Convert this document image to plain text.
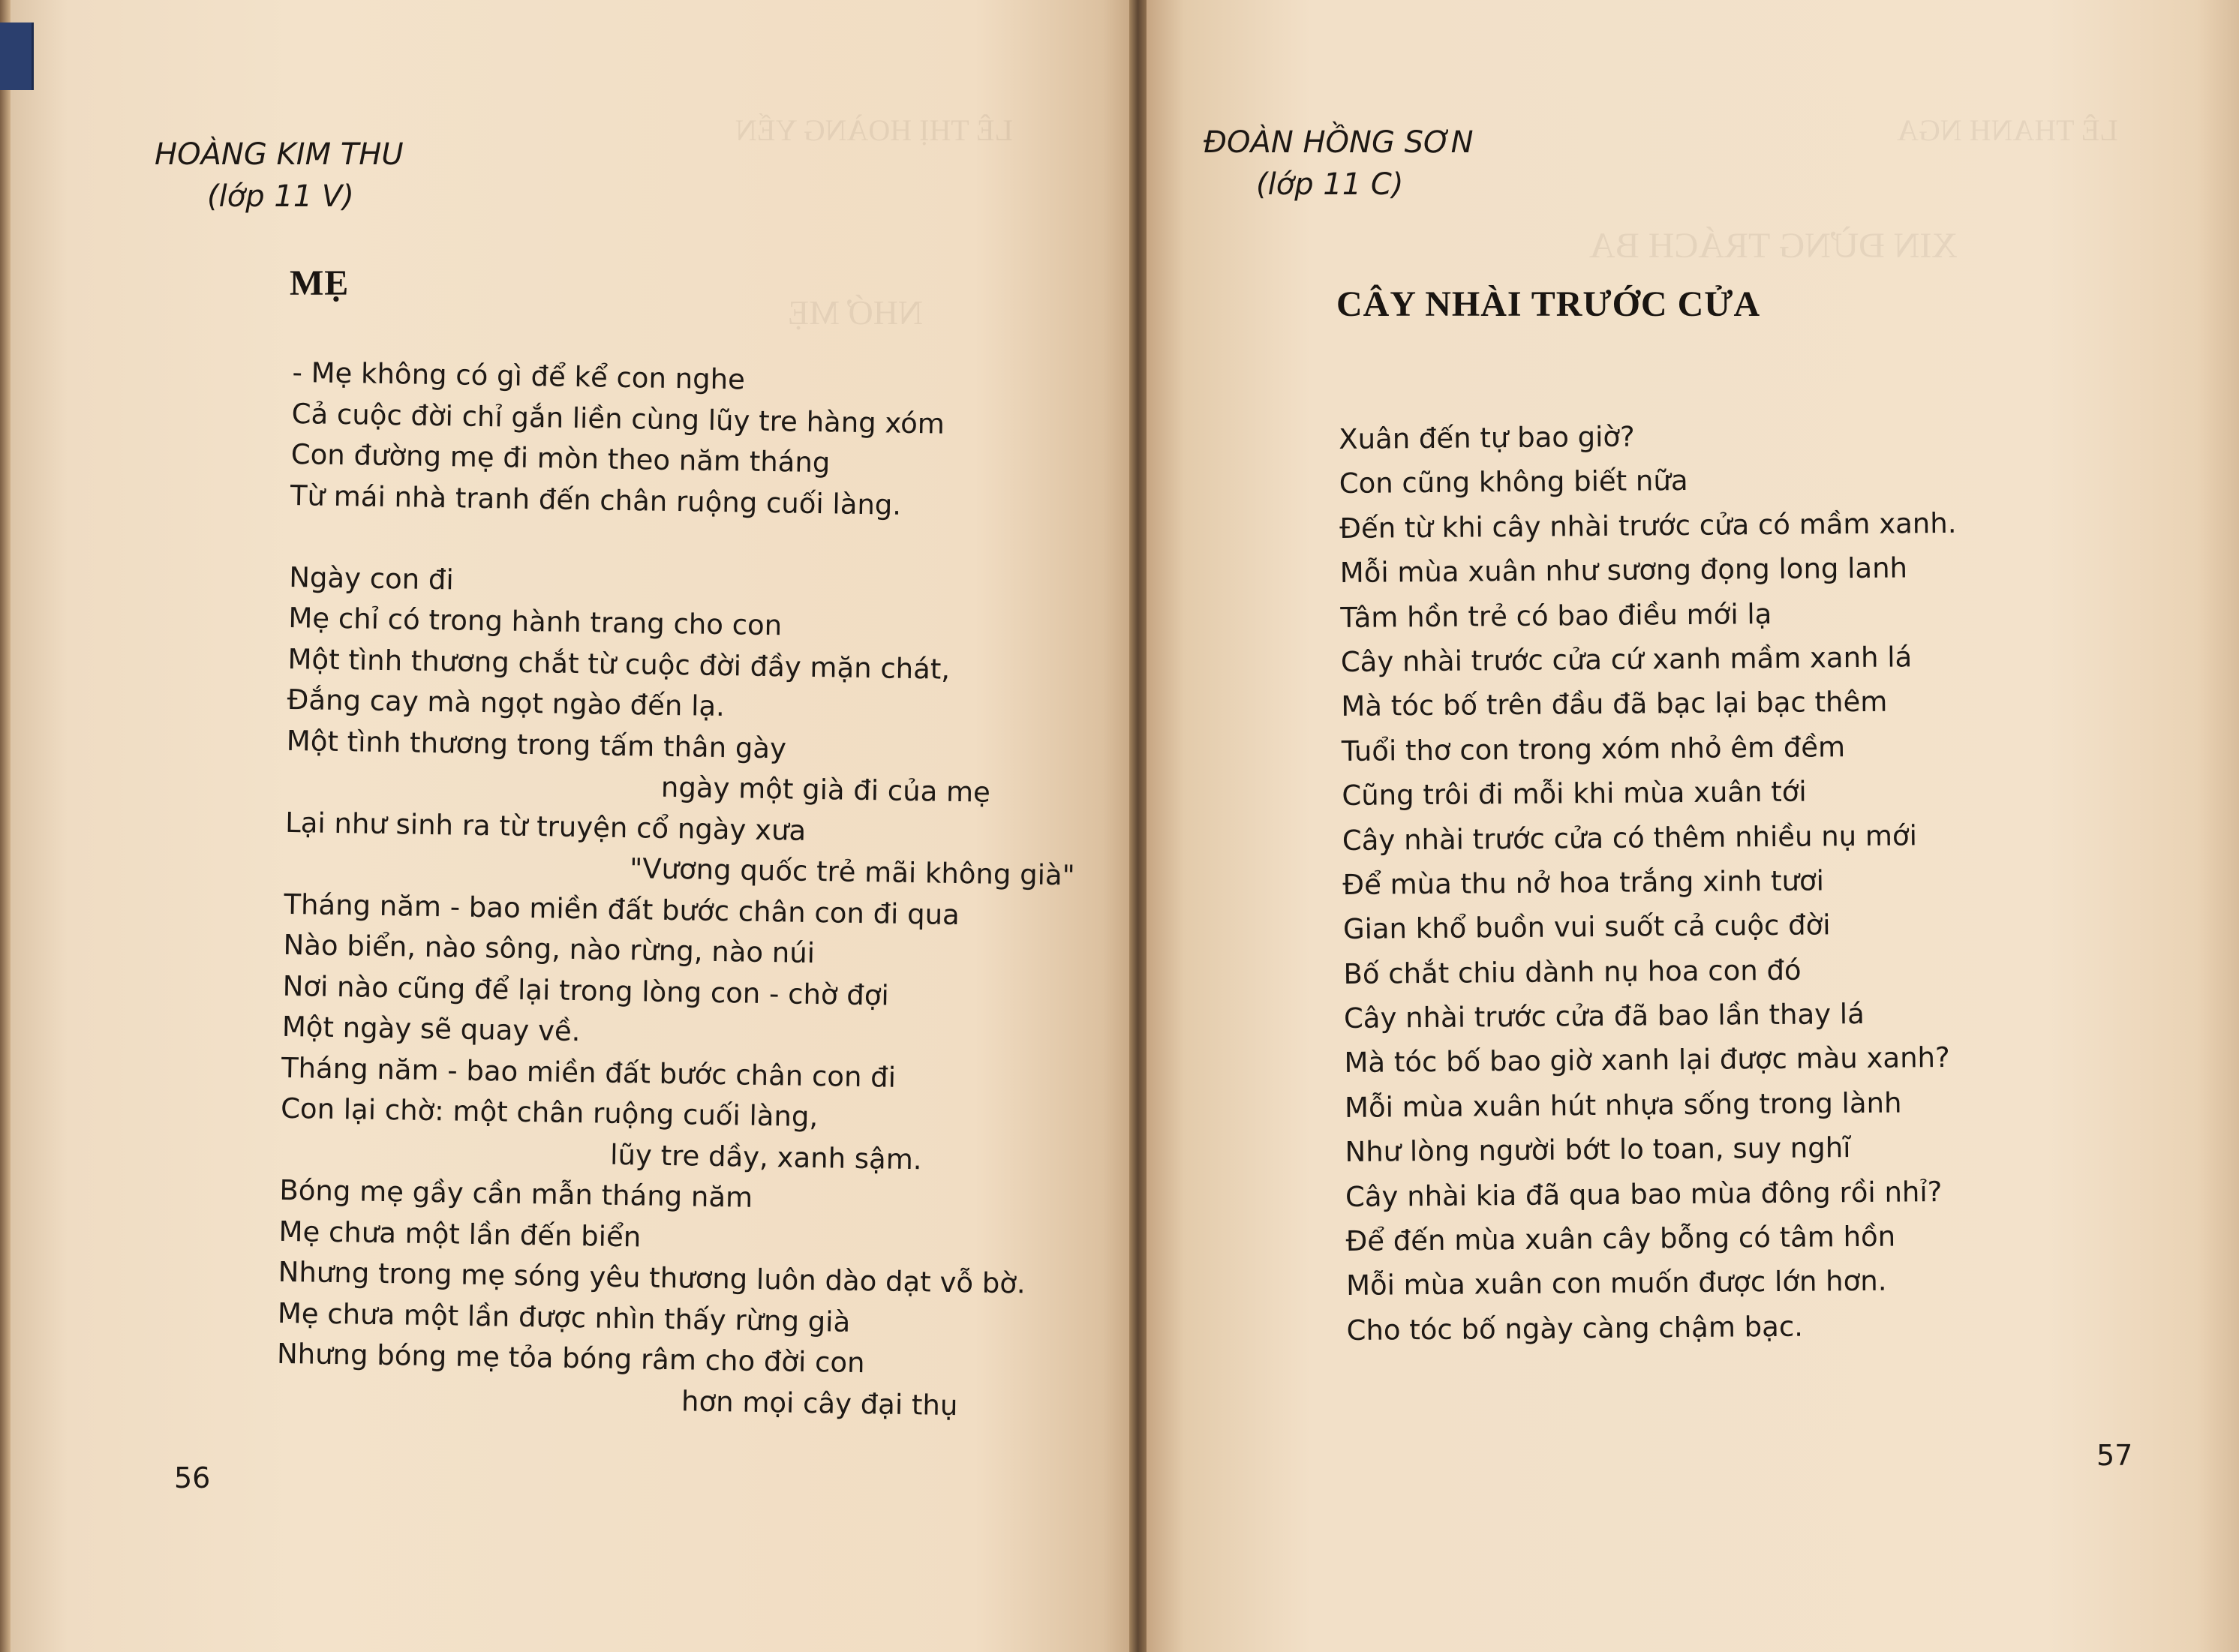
LÊ THỊ HOÀNG YẾN
NHỚ MẸ
HOÀNG KIM THU
(lớp 11 V)
MẸ
- Mẹ không có gì để kể con nghe
Cả cuộc đời chỉ gắn liền cùng lũy tre hàng xóm
Con đường mẹ đi mòn theo năm tháng
Từ mái nhà tranh đến chân ruộng cuối làng.
Ngày con đi
Mẹ chỉ có trong hành trang cho con
Một tình thương chắt từ cuộc đời đầy mặn chát,
Đắng cay mà ngọt ngào đến lạ.
Một tình thương trong tấm thân gày
ngày một già đi của mẹ
Lại như sinh ra từ truyện cổ ngày xưa
"Vương quốc trẻ mãi không già"
Tháng năm - bao miền đất bước chân con đi qua
Nào biển, nào sông, nào rừng, nào núi
Nơi nào cũng để lại trong lòng con - chờ đợi
Một ngày sẽ quay về.
Tháng năm - bao miền đất bước chân con đi
Con lại chờ: một chân ruộng cuối làng,
lũy tre dầy, xanh sậm.
Bóng mẹ gầy cần mẫn tháng năm
Mẹ chưa một lần đến biển
Nhưng trong mẹ sóng yêu thương luôn dào dạt vỗ bờ.
Mẹ chưa một lần được nhìn thấy rừng già
Nhưng bóng mẹ tỏa bóng râm cho đời con
hơn mọi cây đại thụ
56
LÊ THANH NGA
XIN ĐỪNG TRÁCH BA
ĐOÀN HỒNG SƠN
(lớp 11 C)
CÂY NHÀI TRƯỚC CỬA
Xuân đến tự bao giờ?
Con cũng không biết nữa
Đến từ khi cây nhài trước cửa có mầm xanh.
Mỗi mùa xuân như sương đọng long lanh
Tâm hồn trẻ có bao điều mới lạ
Cây nhài trước cửa cứ xanh mầm xanh lá
Mà tóc bố trên đầu đã bạc lại bạc thêm
Tuổi thơ con trong xóm nhỏ êm đềm
Cũng trôi đi mỗi khi mùa xuân tới
Cây nhài trước cửa có thêm nhiều nụ mới
Để mùa thu nở hoa trắng xinh tươi
Gian khổ buồn vui suốt cả cuộc đời
Bố chắt chiu dành nụ hoa con đó
Cây nhài trước cửa đã bao lần thay lá
Mà tóc bố bao giờ xanh lại được màu xanh?
Mỗi mùa xuân hút nhựa sống trong lành
Như lòng người bớt lo toan, suy nghĩ
Cây nhài kia đã qua bao mùa đông rồi nhỉ?
Để đến mùa xuân cây bỗng có tâm hồn
Mỗi mùa xuân con muốn được lớn hơn.
Cho tóc bố ngày càng chậm bạc.
57
